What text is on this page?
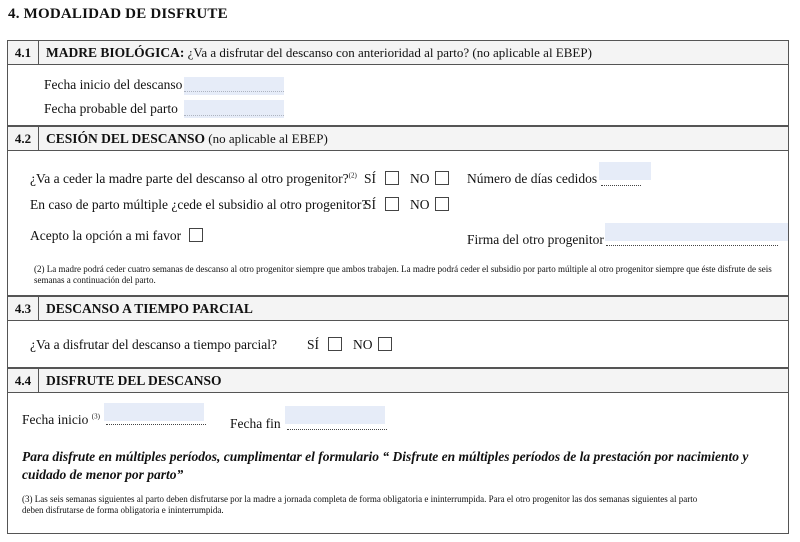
4. MODALIDAD DE DISFRUTE
4.1	MADRE BIOLÓGICA: ¿Va a disfrutar del descanso con anterioridad al parto? (no aplicable al EBEP)
Fecha inicio del descanso
Fecha probable del parto
4.2	CESIÓN DEL DESCANSO (no aplicable al EBEP)
¿Va a ceder la madre parte del descanso al otro progenitor?$^{(2)}$ SÍ	NO	Número de días cedidos
En caso de parto múltiple ¿cede el subsidio al otro progenitor?
SÍ	NO
Acepto la opción a mi favor	Firma del otro progenitor
(2) La madre podrá ceder cuatro semanas de descanso al otro progenitor siempre que ambos trabajen. La madre podrá ceder el subsidio por parto múltiple al otro progenitor siempre que éste disfrute de seis semanas a continuación del parto.
4.3	DESCANSO A TIEMPO PARCIAL
¿Va a disfrutar del descanso a tiempo parcial? SÍ	NO
4.4	DISFRUTE DEL DESCANSO
Fecha inicio $^{(3)}$	Fecha fin
Para disfrute en múltiples períodos, cumplimentar el formulario “ Disfrute en múltiples períodos de la prestación por nacimiento y cuidado de menor por parto”
(3) Las seis semanas siguientes al parto deben disfrutarse por la madre a jornada completa de forma obligatoria e ininterrumpida. Para el otro progenitor las dos semanas siguientes al parto deben disfrutarse de forma obligatoria e ininterrumpida.
